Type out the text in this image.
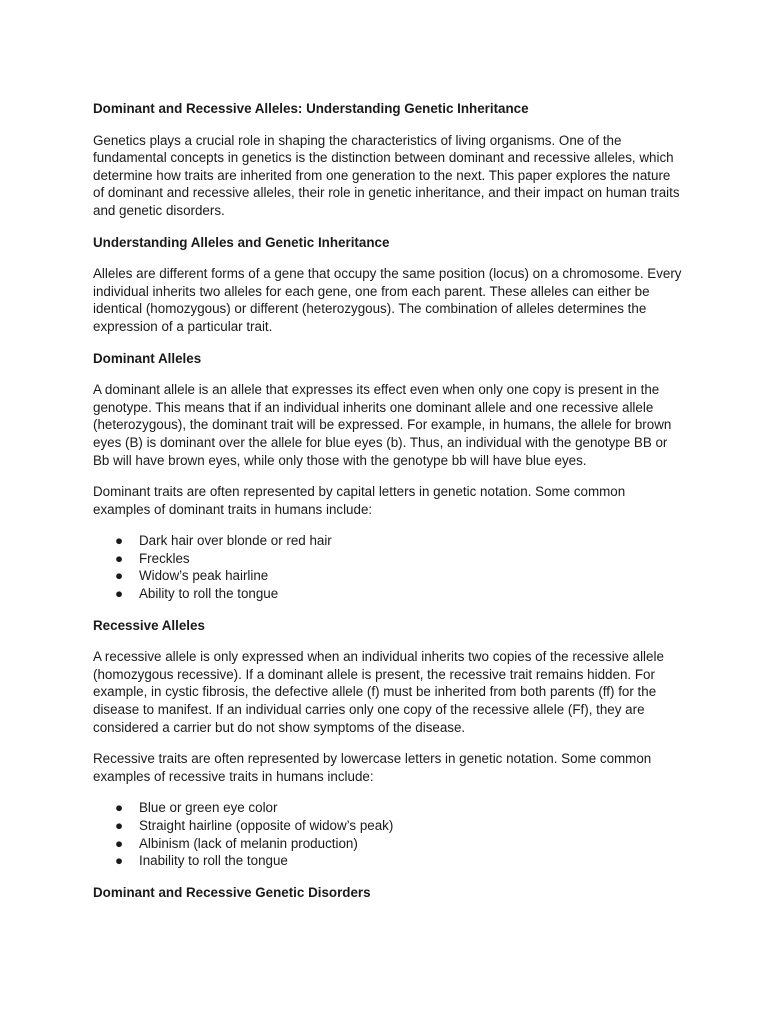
Dominant and Recessive Alleles: Understanding Genetic Inheritance
Genetics plays a crucial role in shaping the characteristics of living organisms. One of the fundamental concepts in genetics is the distinction between dominant and recessive alleles, which determine how traits are inherited from one generation to the next. This paper explores the nature of dominant and recessive alleles, their role in genetic inheritance, and their impact on human traits and genetic disorders.
Understanding Alleles and Genetic Inheritance
Alleles are different forms of a gene that occupy the same position (locus) on a chromosome. Every individual inherits two alleles for each gene, one from each parent. These alleles can either be identical (homozygous) or different (heterozygous). The combination of alleles determines the expression of a particular trait.
Dominant Alleles
A dominant allele is an allele that expresses its effect even when only one copy is present in the genotype. This means that if an individual inherits one dominant allele and one recessive allele (heterozygous), the dominant trait will be expressed. For example, in humans, the allele for brown eyes (B) is dominant over the allele for blue eyes (b). Thus, an individual with the genotype BB or Bb will have brown eyes, while only those with the genotype bb will have blue eyes.
Dominant traits are often represented by capital letters in genetic notation. Some common examples of dominant traits in humans include:
● Dark hair over blonde or red hair
● Freckles
● Widow’s peak hairline
● Ability to roll the tongue
Recessive Alleles
A recessive allele is only expressed when an individual inherits two copies of the recessive allele (homozygous recessive). If a dominant allele is present, the recessive trait remains hidden. For example, in cystic fibrosis, the defective allele (f) must be inherited from both parents (ff) for the disease to manifest. If an individual carries only one copy of the recessive allele (Ff), they are considered a carrier but do not show symptoms of the disease.
Recessive traits are often represented by lowercase letters in genetic notation. Some common examples of recessive traits in humans include:
● Blue or green eye color
● Straight hairline (opposite of widow’s peak)
● Albinism (lack of melanin production)
● Inability to roll the tongue
Dominant and Recessive Genetic Disorders
